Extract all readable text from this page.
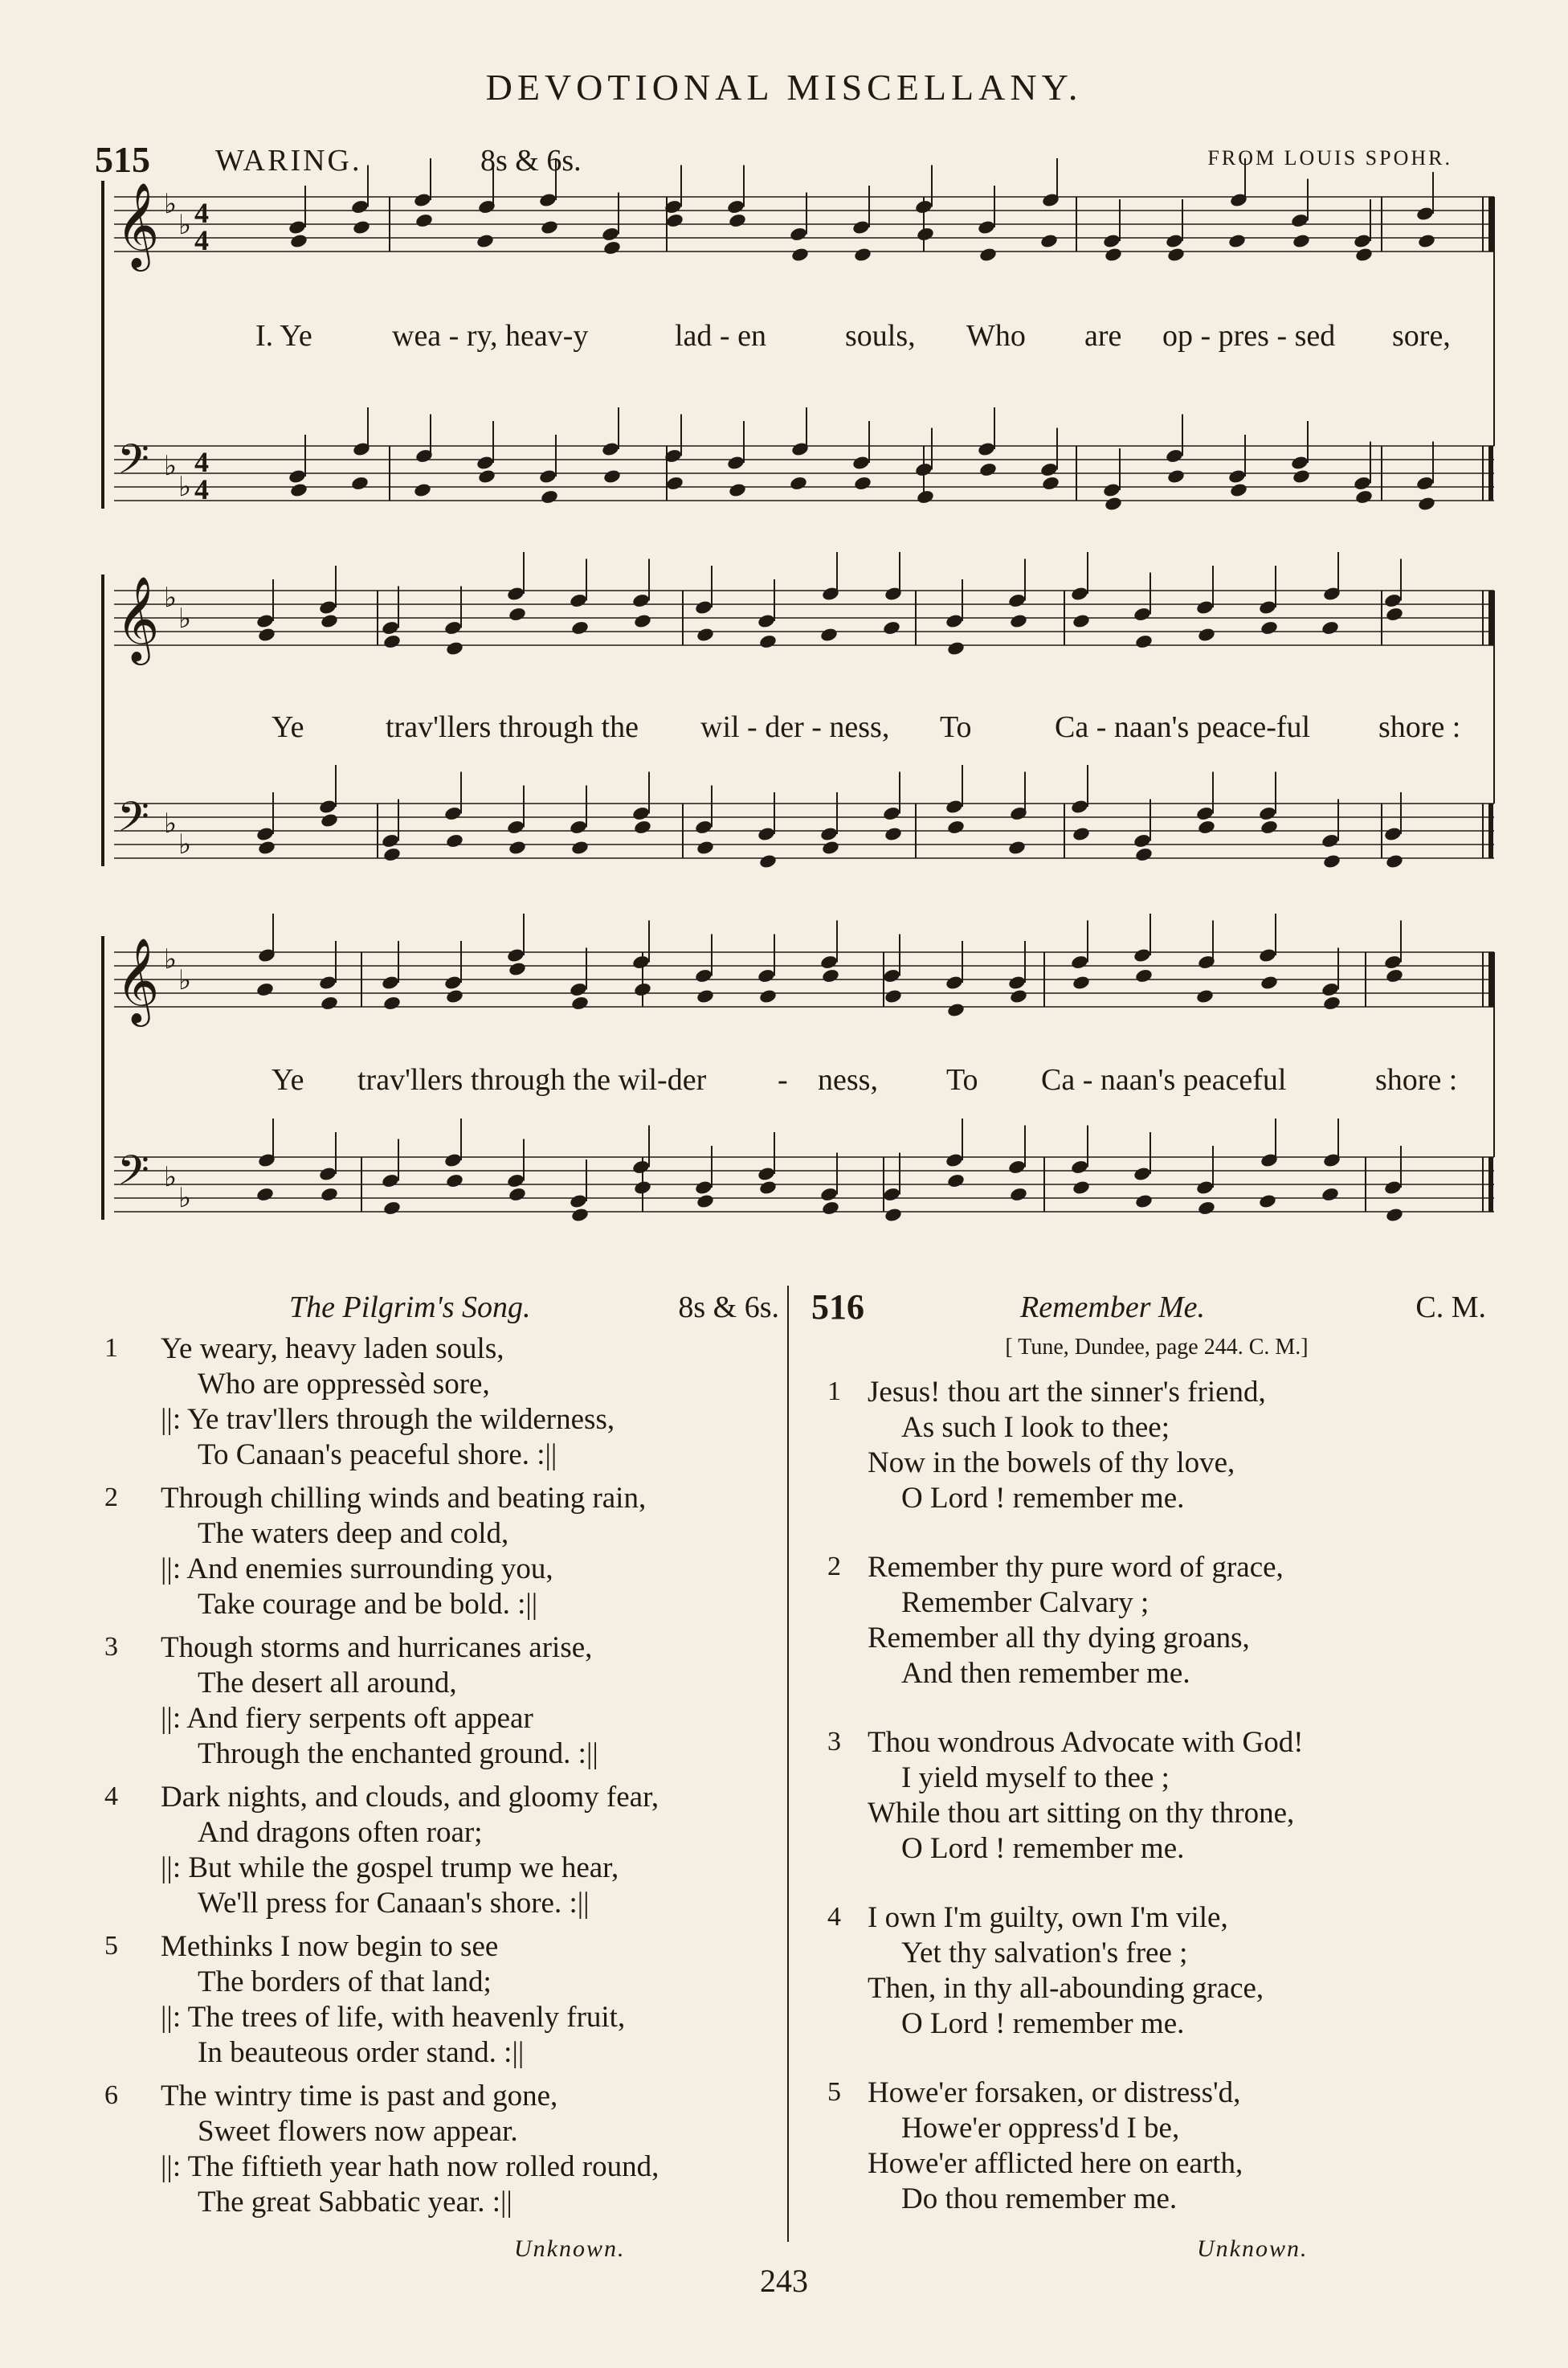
DEVOTIONAL MISCELLANY.
515 WARING.	8s & 6s.	FROM LOUIS SPOHR.
𝄞 ♭
♭ 4
4
𝄢 ♭
♭
4
4
𝄞 ♭
♭
𝄢 ♭
♭
𝄞 ♭
♭
𝄢 ♭
♭
I. Ye	wea - ry, heav-y	lad - en	souls, Who are op - pres - sed sore,
Ye	trav'llers through the wil - der - ness, To	Ca - naan's peace-ful shore :
Ye trav'llers through the wil-der - ness, To Ca - naan's peaceful	shore :
The Pilgrim's Song.	8s & 6s.
1	Ye weary, heavy laden souls,
Who are oppressèd sore,
||: Ye trav'llers through the wilderness,
To Canaan's peaceful shore. :||
2	Through chilling winds and beating rain,
The waters deep and cold,
||: And enemies surrounding you,
Take courage and be bold. :||
3	Though storms and hurricanes arise,
The desert all around,
||: And fiery serpents oft appear
Through the enchanted ground. :||
4	Dark nights, and clouds, and gloomy fear,
And dragons often roar;
||: But while the gospel trump we hear,
We'll press for Canaan's shore. :||
5	Methinks I now begin to see
The borders of that land;
||: The trees of life, with heavenly fruit,
In beauteous order stand. :||
6	The wintry time is past and gone,
Sweet flowers now appear.
||: The fiftieth year hath now rolled round,
The great Sabbatic year. :||
516	Remember Me.	C. M.
[ Tune, Dundee, page 244. C. M.]
1 Jesus! thou art the sinner's friend,
As such I look to thee;
Now in the bowels of thy love,
O Lord ! remember me.
2 Remember thy pure word of grace,
Remember Calvary ;
Remember all thy dying groans,
And then remember me.
3 Thou wondrous Advocate with God!
I yield myself to thee ;
While thou art sitting on thy throne,
O Lord ! remember me.
4 I own I'm guilty, own I'm vile,
Yet thy salvation's free ;
Then, in thy all-abounding grace,
O Lord ! remember me.
5 Howe'er forsaken, or distress'd,
Howe'er oppress'd I be,
Howe'er afflicted here on earth,
Do thou remember me.
Unknown.	Unknown.
243
